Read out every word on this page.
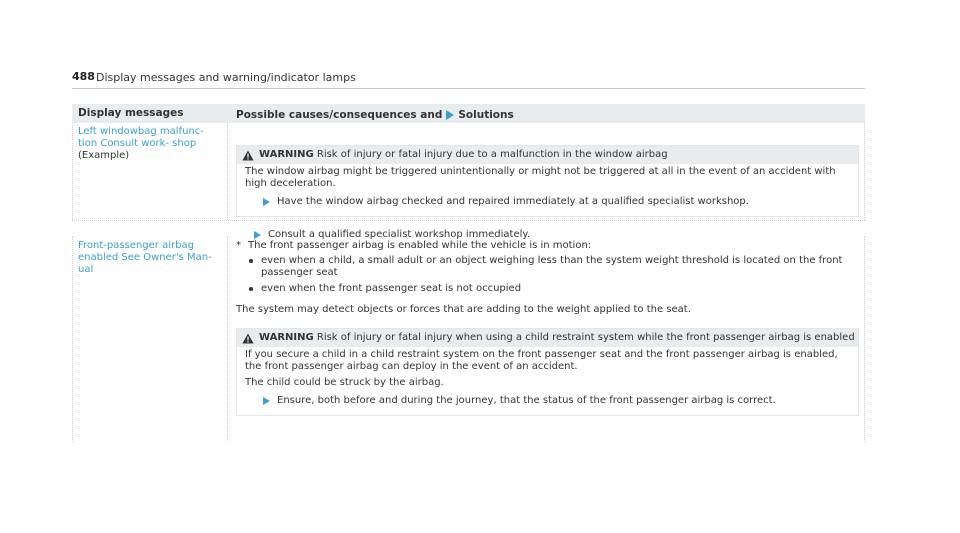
488 Display messages and warning/indicator lamps
Display messages	Possible causes/consequences and Solutions
Left windowbag malfunc- tion Consult work- shop (Example)	WARNING Risk of injury or fatal injury due to a malfunction in the window airbag

The window airbag might be triggered unintentionally or might not be triggered at all in the event of an accident with high deceleration.

Have the window airbag checked and repaired immediately at a qualified specialist workshop.

Consult a qualified specialist workshop immediately.
Front-passenger airbag enabled See Owner's Man- ual
* The front passenger airbag is enabled while the vehicle is in motion:
even when a child, a small adult or an object weighing less than the system weight threshold is located on the front passenger seat
even when the front passenger seat is not occupied
The system may detect objects or forces that are adding to the weight applied to the seat.
WARNING Risk of injury or fatal injury when using a child restraint system while the front passenger airbag is enabled

If you secure a child in a child restraint system on the front passenger seat and the front passenger airbag is enabled, the front passenger airbag can deploy in the event of an accident.

The child could be struck by the airbag.

Ensure, both before and during the journey, that the status of the front passenger airbag is correct.
